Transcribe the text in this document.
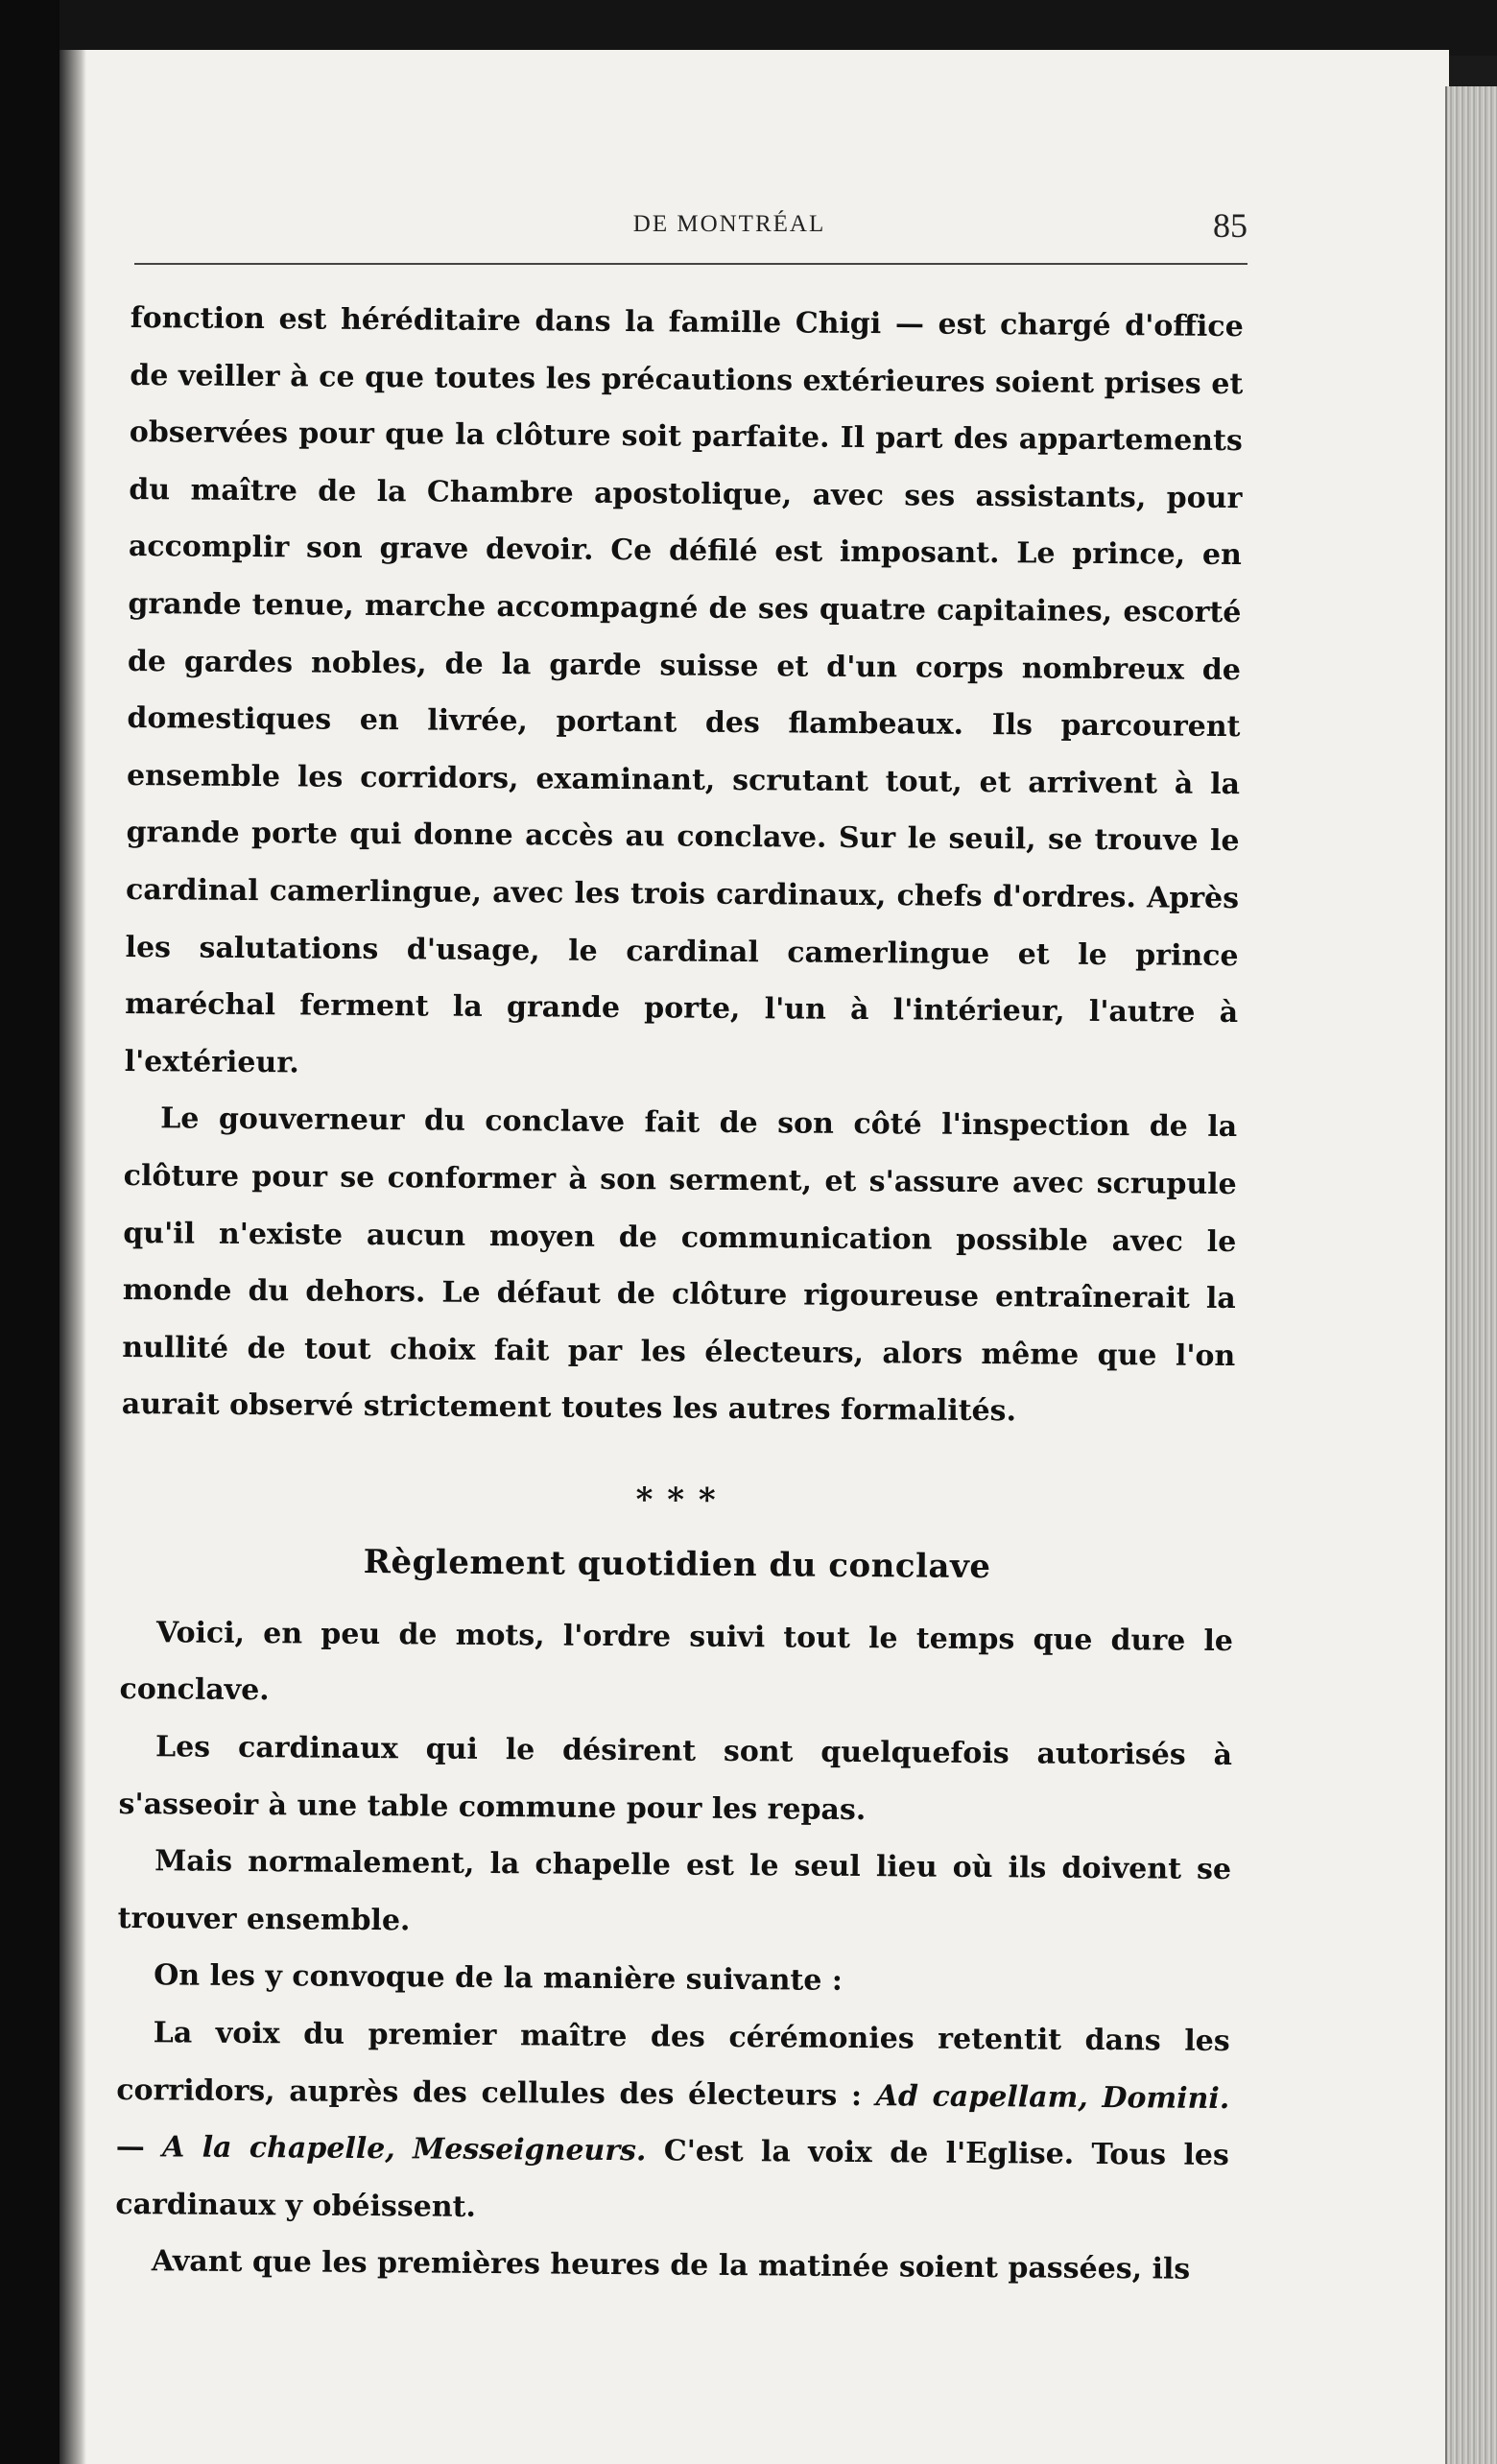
DE MONTRÉAL	85

fonction est héréditaire dans la famille Chigi — est chargé d'office de veiller à ce que toutes les précautions extérieures soient prises et observées pour que la clôture soit parfaite. Il part des appartements du maître de la Chambre apostolique, avec ses assistants, pour accomplir son grave devoir. Ce défilé est imposant. Le prince, en grande tenue, marche accompagné de ses quatre capitaines, escorté de gardes nobles, de la garde suisse et d'un corps nombreux de domestiques en livrée, portant des flambeaux. Ils parcourent ensemble les corridors, examinant, scrutant tout, et arrivent à la grande porte qui donne accès au conclave. Sur le seuil, se trouve le cardinal camerlingue, avec les trois cardinaux, chefs d'ordres. Après les salutations d'usage, le cardinal camerlingue et le prince maréchal ferment la grande porte, l'un à l'intérieur, l'autre à l'extérieur.

Le gouverneur du conclave fait de son côté l'inspection de la clôture pour se conformer à son serment, et s'assure avec scrupule qu'il n'existe aucun moyen de communication possible avec le monde du dehors. Le défaut de clôture rigoureuse entraînerait la nullité de tout choix fait par les électeurs, alors même que l'on aurait observé strictement toutes les autres formalités.

* * *
Règlement quotidien du conclave

Voici, en peu de mots, l'ordre suivi tout le temps que dure le conclave.

Les cardinaux qui le désirent sont quelquefois autorisés à s'asseoir à une table commune pour les repas.

Mais normalement, la chapelle est le seul lieu où ils doivent se trouver ensemble.

On les y convoque de la manière suivante :

La voix du premier maître des cérémonies retentit dans les corridors, auprès des cellules des électeurs : Ad capellam, Domini. — A la chapelle, Messeigneurs. C'est la voix de l'Eglise. Tous les cardinaux y obéissent.

Avant que les premières heures de la matinée soient passées, ils
